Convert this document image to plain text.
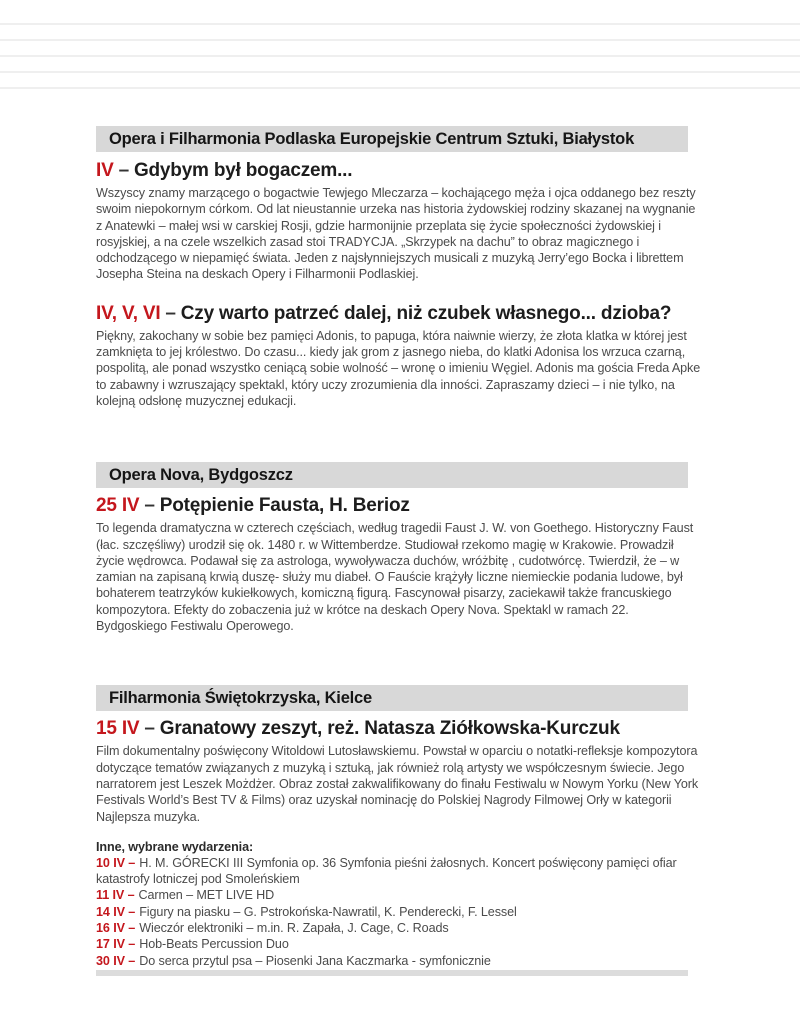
Opera i Filharmonia Podlaska Europejskie Centrum Sztuki, Białystok
IV – Gdybym był bogaczem...

Wszyscy znamy marzącego o bogactwie Tewjego Mleczarza – kochającego męża i ojca oddanego bez reszty swoim niepokornym córkom. Od lat nieustannie urzeka nas historia żydowskiej rodziny skazanej na wygnanie z Anatewki – małej wsi w carskiej Rosji, gdzie harmonijnie przeplata się życie społeczności żydowskiej i rosyjskiej, a na czele wszelkich zasad stoi TRADYCJA. „Skrzypek na dachu” to obraz magicznego i odchodzącego w niepamięć świata. Jeden z najsłynniejszych musicali z muzyką Jerry’ego Bocka i librettem Josepha Steina na deskach Opery i Filharmonii Podlaskiej.

IV, V, VI – Czy warto patrzeć dalej, niż czubek własnego... dzioba?

Piękny, zakochany w sobie bez pamięci Adonis, to papuga, która naiwnie wierzy, że złota klatka w której jest zamknięta to jej królestwo. Do czasu... kiedy jak grom z jasnego nieba, do klatki Adonisa los wrzuca czarną, pospolitą, ale ponad wszystko ceniącą sobie wolność – wronę o imieniu Węgiel. Adonis ma gościa Freda Apke to zabawny i wzruszający spektakl, który uczy zrozumienia dla inności. Zapraszamy dzieci – i nie tylko, na kolejną odsłonę muzycznej edukacji.

Opera Nova, Bydgoszcz
25 IV – Potępienie Fausta, H. Berioz

To legenda dramatyczna w czterech częściach, według tragedii Faust J. W. von Goethego. Historyczny Faust (łac. szczęśliwy) urodził się ok. 1480 r. w Wittemberdze. Studiował rzekomo magię w Krakowie. Prowadził życie wędrowca. Podawał się za astrologa, wywoływacza duchów, wróżbitę , cudotwórcę. Twierdził, że – w zamian na zapisaną krwią duszę- służy mu diabeł. O Fauście krążyły liczne niemieckie podania ludowe, był bohaterem teatrzyków kukiełkowych, komiczną figurą. Fascynował pisarzy, zaciekawił także francuskiego kompozytora. Efekty do zobaczenia już w krótce na deskach Opery Nova. Spektakl w ramach 22. Bydgoskiego Festiwalu Operowego.

Filharmonia Świętokrzyska, Kielce
15 IV – Granatowy zeszyt, reż. Natasza Ziółkowska-Kurczuk

Film dokumentalny poświęcony Witoldowi Lutosławskiemu. Powstał w oparciu o notatki-refleksje kompozytora dotyczące tematów związanych z muzyką i sztuką, jak również rolą artysty we współczesnym świecie. Jego narratorem jest Leszek Możdżer. Obraz został zakwalifikowany do finału Festiwalu w Nowym Yorku (New York Festivals World’s Best TV & Films) oraz uzyskał nominację do Polskiej Nagrody Filmowej Orły w kategorii Najlepsza muzyka.

Inne, wybrane wydarzenia:
10 IV – H. M. GÓRECKI III Symfonia op. 36 Symfonia pieśni żałosnych. Koncert poświęcony pamięci ofiar katastrofy lotniczej pod Smoleńskiem
11 IV – Carmen – MET LIVE HD
14 IV – Figury na piasku – G. Pstrokońska-Nawratil, K. Penderecki, F. Lessel
16 IV – Wieczór elektroniki – m.in. R. Zapała, J. Cage, C. Roads
17 IV – Hob-Beats Percussion Duo
30 IV – Do serca przytul psa – Piosenki Jana Kaczmarka - symfonicznie
